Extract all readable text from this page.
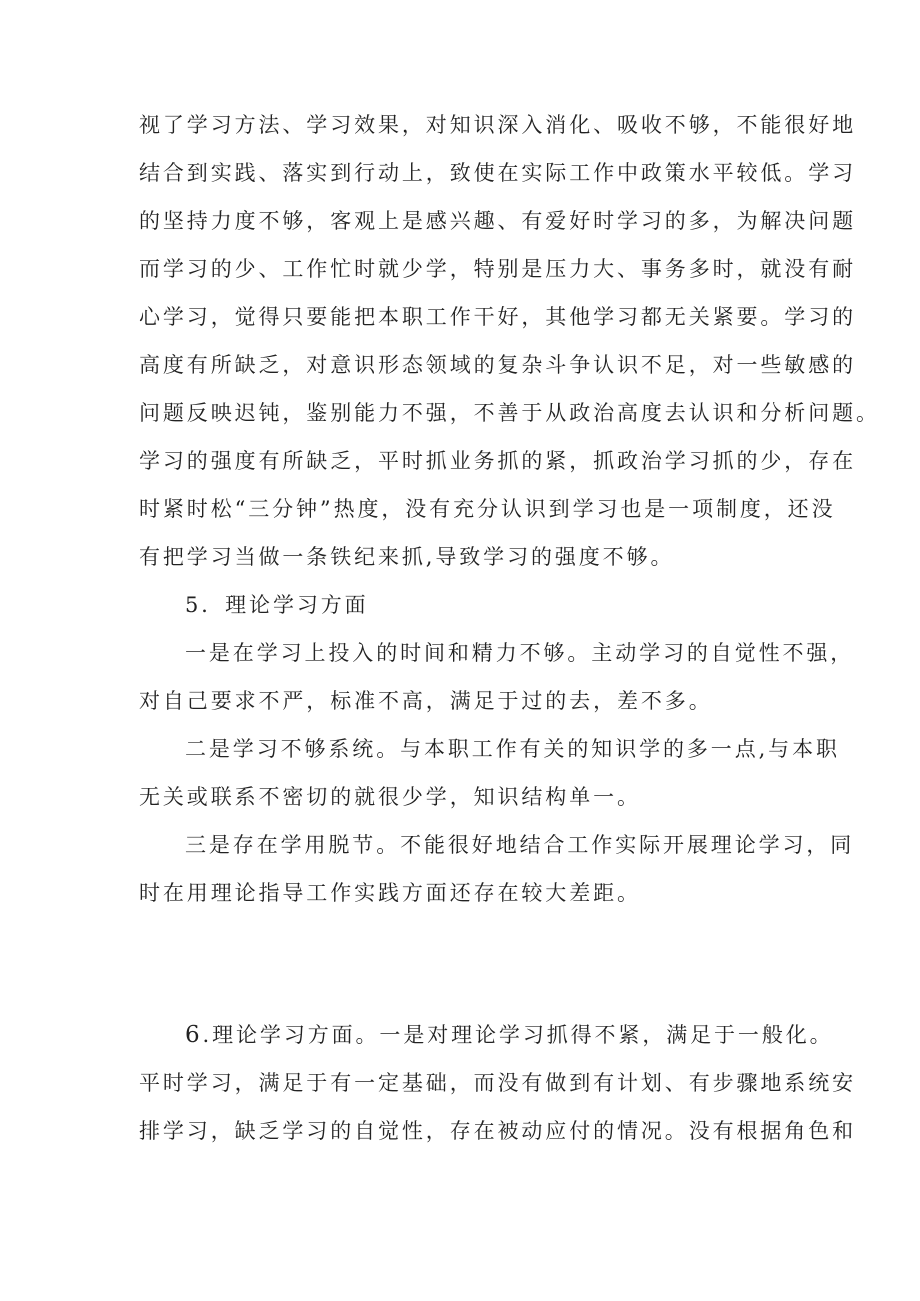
视了学习方法、学习效果，对知识深入消化、吸收不够，不能很好地
结合到实践、落实到行动上，致使在实际工作中政策水平较低。学习
的坚持力度不够，客观上是感兴趣、有爱好时学习的多，为解决问题
而学习的少、工作忙时就少学，特别是压力大、事务多时，就没有耐
心学习，觉得只要能把本职工作干好，其他学习都无关紧要。学习的
高度有所缺乏，对意识形态领域的复杂斗争认识不足，对一些敏感的
问题反映迟钝，鉴别能力不强，不善于从政治高度去认识和分析问题。
学习的强度有所缺乏，平时抓业务抓的紧，抓政治学习抓的少，存在
时紧时松“三分钟”热度，没有充分认识到学习也是一项制度，还没
有把学习当做一条铁纪来抓,导致学习的强度不够。
5．理论学习方面
一是在学习上投入的时间和精力不够。主动学习的自觉性不强，
对自己要求不严，标准不高，满足于过的去，差不多。
二是学习不够系统。与本职工作有关的知识学的多一点,与本职
无关或联系不密切的就很少学，知识结构单一。
三是存在学用脱节。不能很好地结合工作实际开展理论学习，同
时在用理论指导工作实践方面还存在较大差距。
6.理论学习方面。一是对理论学习抓得不紧，满足于一般化。
平时学习，满足于有一定基础，而没有做到有计划、有步骤地系统安
排学习，缺乏学习的自觉性，存在被动应付的情况。没有根据角色和
